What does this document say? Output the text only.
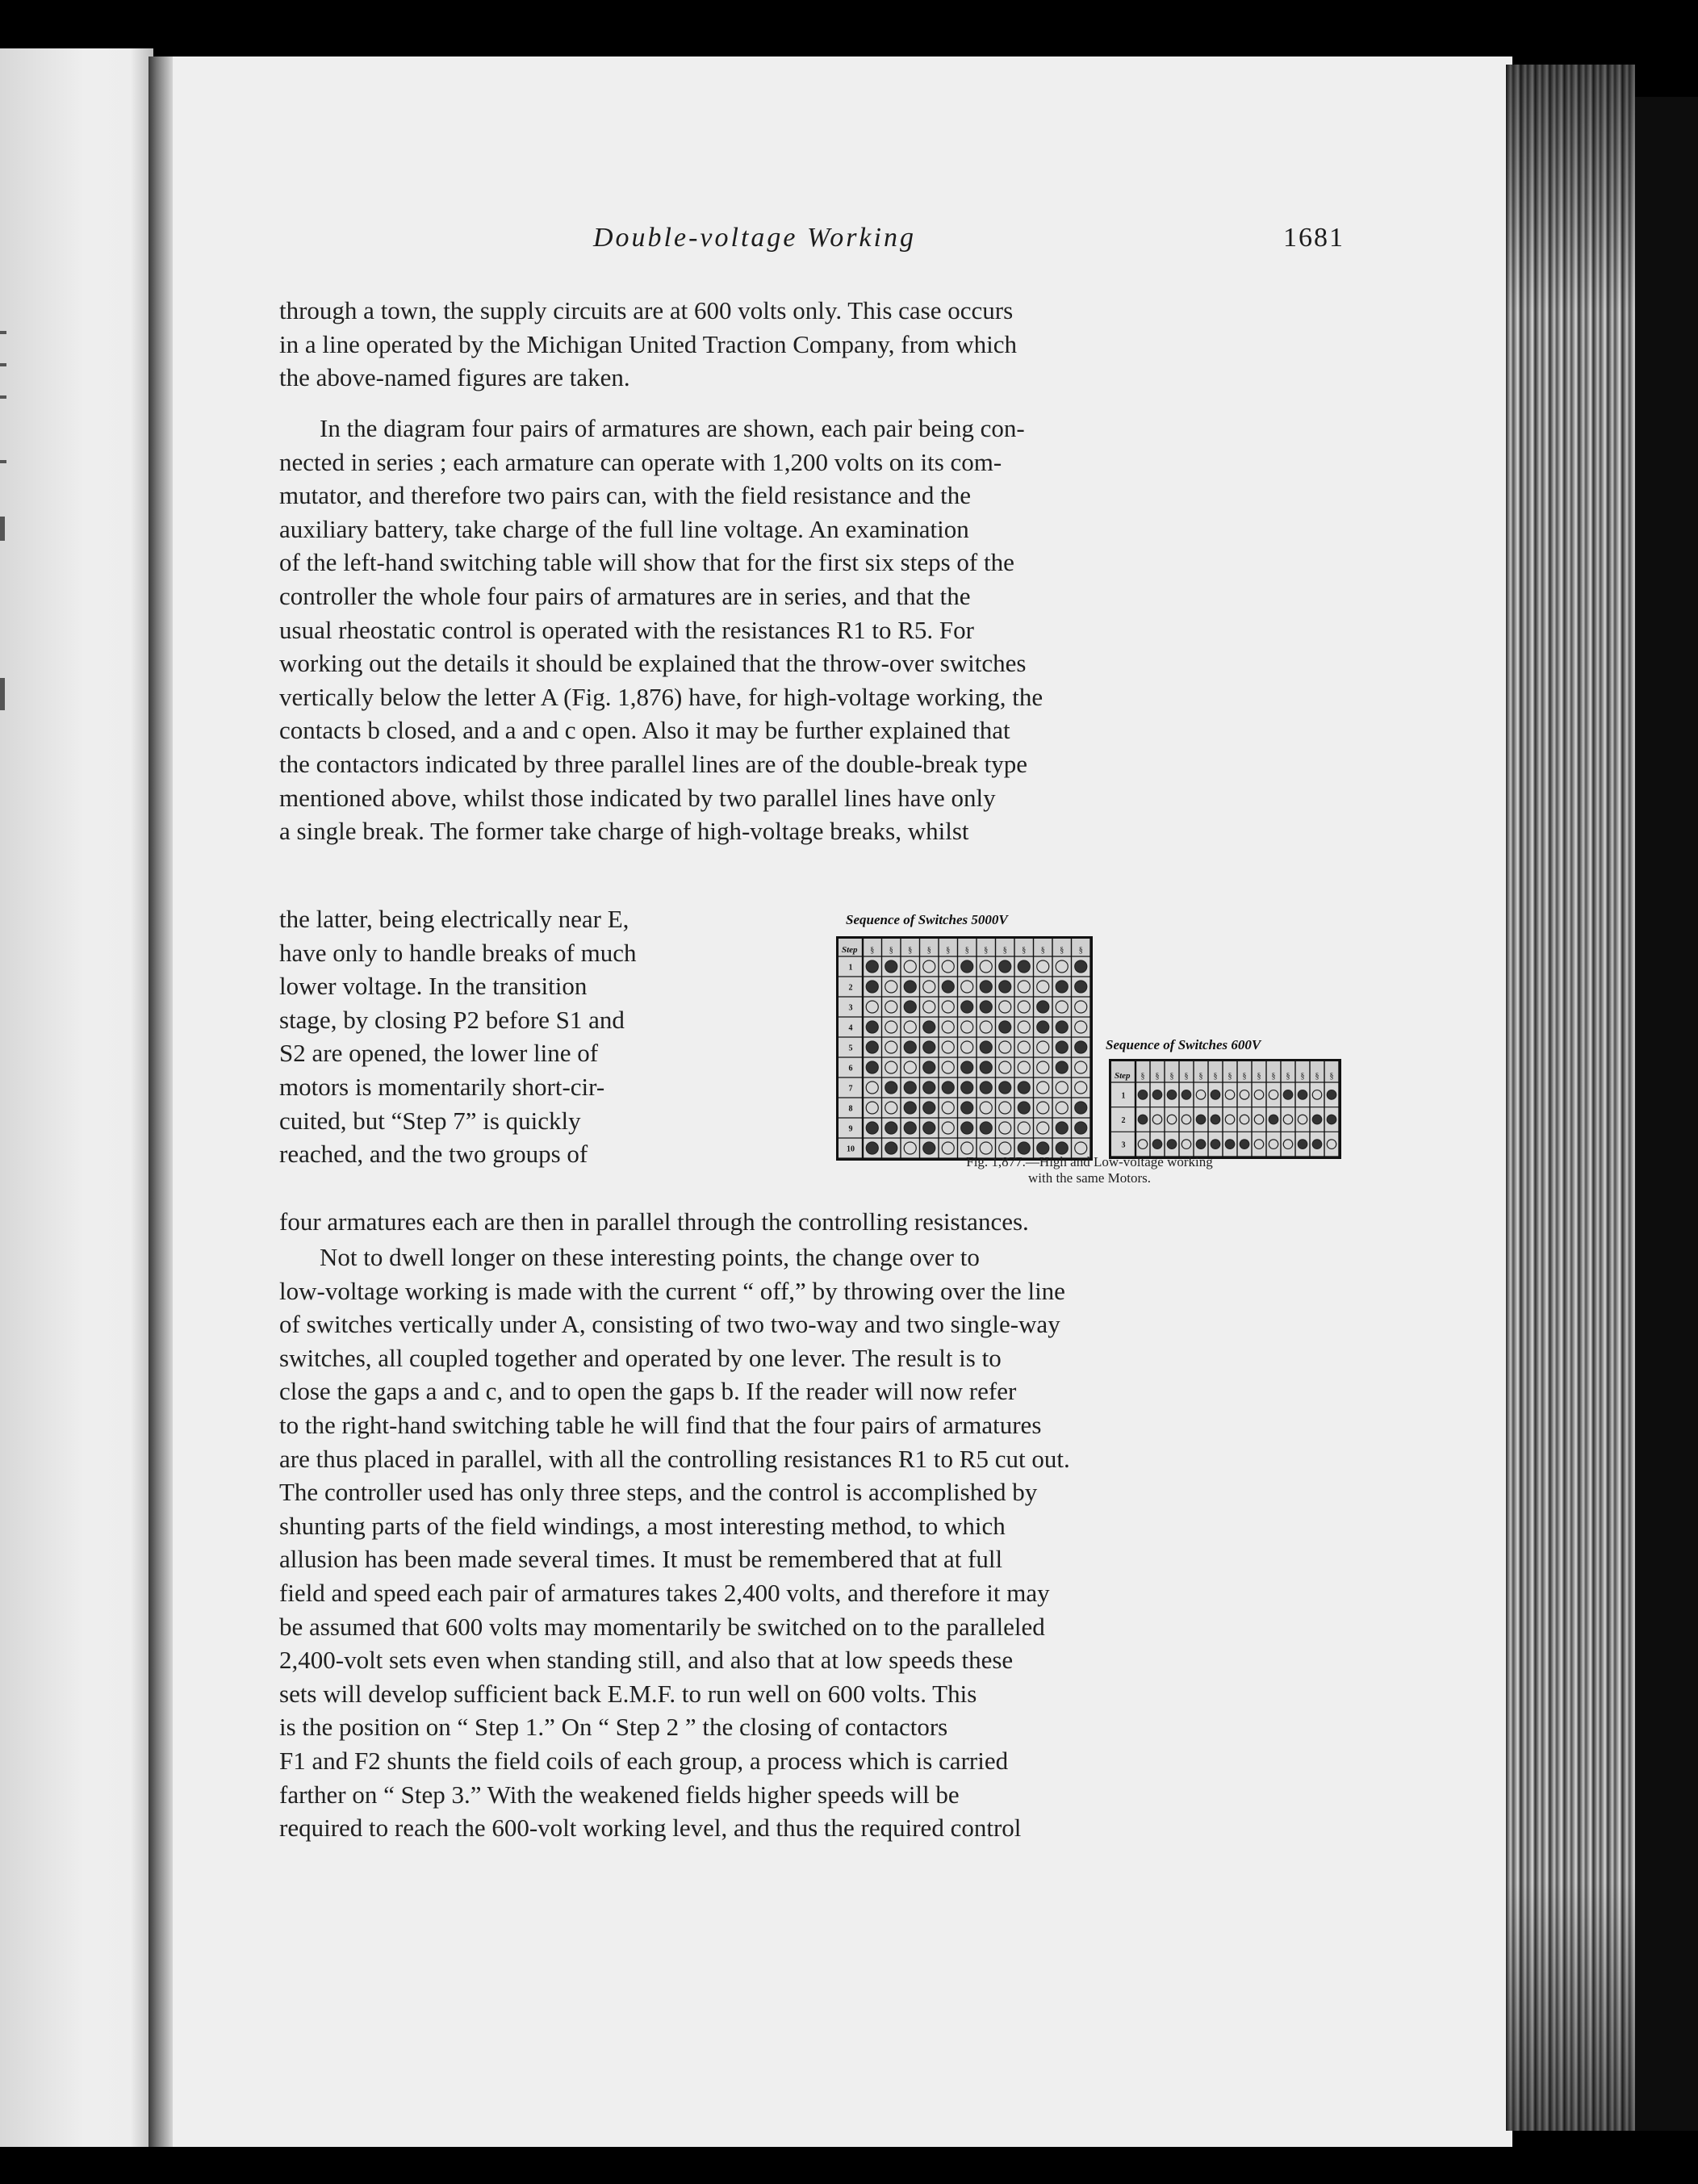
Double-voltage Working	1681
through a town, the supply circuits are at 600 volts only. This case occurs
in a line operated by the Michigan United Traction Company, from which
the above-named figures are taken.
In the diagram four pairs of armatures are shown, each pair being con-
nected in series ; each armature can operate with 1,200 volts on its com-
mutator, and therefore two pairs can, with the field resistance and the
auxiliary battery, take charge of the full line voltage. An examination
of the left-hand switching table will show that for the first six steps of the
controller the whole four pairs of armatures are in series, and that the
usual rheostatic control is operated with the resistances R1 to R5. For
working out the details it should be explained that the throw-over switches
vertically below the letter A (Fig. 1,876) have, for high-voltage working, the
contacts b closed, and a and c open. Also it may be further explained that
the contactors indicated by three parallel lines are of the double-break type
mentioned above, whilst those indicated by two parallel lines have only
a single break. The former take charge of high-voltage breaks, whilst
the latter, being electrically near E,
have only to handle breaks of much
lower voltage. In the transition
stage, by closing P2 before S1 and
S2 are opened, the lower line of
motors is momentarily short-cir-
cuited, but “Step 7” is quickly
reached, and the two groups of
four armatures each are then in parallel through the controlling resistances.
Not to dwell longer on these interesting points, the change over to
low-voltage working is made with the current “ off,” by throwing over the line
of switches vertically under A, consisting of two two-way and two single-way
switches, all coupled together and operated by one lever. The result is to
close the gaps a and c, and to open the gaps b. If the reader will now refer
to the right-hand switching table he will find that the four pairs of armatures
are thus placed in parallel, with all the controlling resistances R1 to R5 cut out.
The controller used has only three steps, and the control is accomplished by
shunting parts of the field windings, a most interesting method, to which
allusion has been made several times. It must be remembered that at full
field and speed each pair of armatures takes 2,400 volts, and therefore it may
be assumed that 600 volts may momentarily be switched on to the paralleled
2,400-volt sets even when standing still, and also that at low speeds these
sets will develop sufficient back E.M.F. to run well on 600 volts. This
is the position on “ Step 1.” On “ Step 2 ” the closing of contactors
F1 and F2 shunts the field coils of each group, a process which is carried
farther on “ Step 3.” With the weakened fields higher speeds will be
required to reach the 600-volt working level, and thus the required control
Sequence of Switches 5000V
Step
1
2
3
4
5
6
7
8
9
10
§ § § § § § § § § § § §
Sequence of Switches 600V
Step
1
2
3
§ § § § § § § § § § § § § §
Fig. 1,877.—High and Low-voltage working
with the same Motors.
